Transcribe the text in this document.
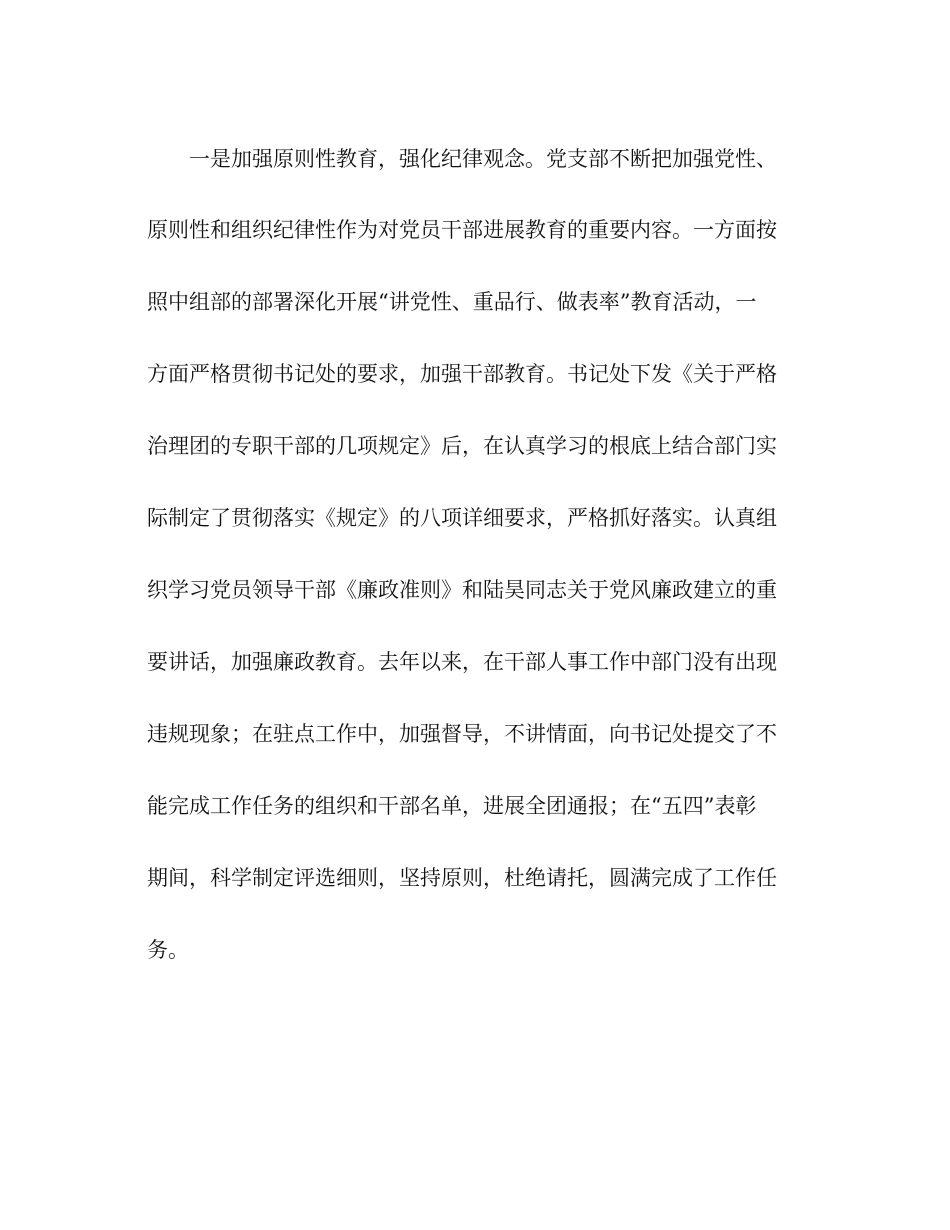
一是加强原则性教育，强化纪律观念。党支部不断把加强党性、
原则性和组织纪律性作为对党员干部进展教育的重要内容。一方面按
照中组部的部署深化开展“讲党性、重品行、做表率”教育活动，一
方面严格贯彻书记处的要求，加强干部教育。书记处下发《关于严格
治理团的专职干部的几项规定》后，在认真学习的根底上结合部门实
际制定了贯彻落实《规定》的八项详细要求，严格抓好落实。认真组
织学习党员领导干部《廉政准则》和陆昊同志关于党风廉政建立的重
要讲话，加强廉政教育。去年以来，在干部人事工作中部门没有出现
违规现象；在驻点工作中，加强督导，不讲情面，向书记处提交了不
能完成工作任务的组织和干部名单，进展全团通报；在“五四”表彰
期间，科学制定评选细则，坚持原则，杜绝请托，圆满完成了工作任
务。
